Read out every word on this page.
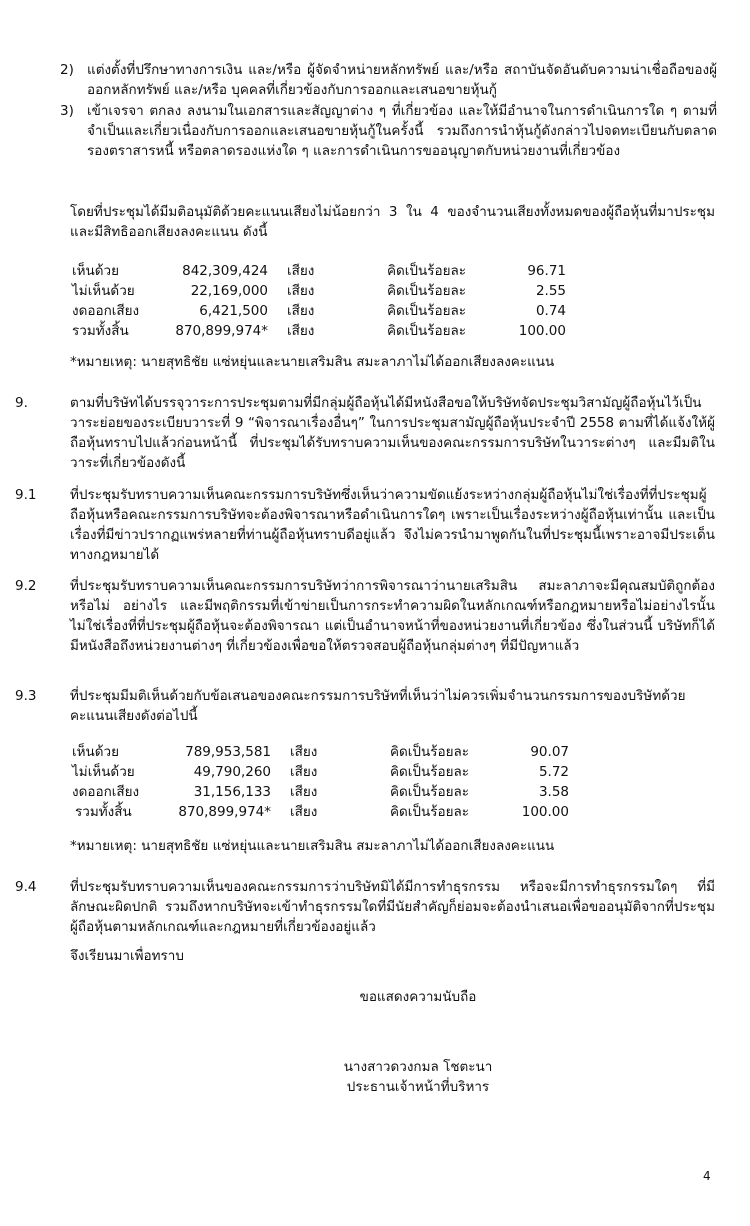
2) แต่งตั้งที่ปรึกษาทางการเงิน และ/หรือ ผู้จัดจำหน่ายหลักทรัพย์ และ/หรือ สถาบันจัดอันดับความน่าเชื่อถือของผู้ออกหลักทรัพย์ และ/หรือ บุคคลที่เกี่ยวข้องกับการออกและเสนอขายหุ้นกู้
3) เข้าเจรจา ตกลง ลงนามในเอกสารและสัญญาต่าง ๆ ที่เกี่ยวข้อง และให้มีอำนาจในการดำเนินการใด ๆ ตามที่จำเป็นและเกี่ยวเนื่องกับการออกและเสนอขายหุ้นกู้ในครั้งนี้ รวมถึงการนำหุ้นกู้ดังกล่าวไปจดทะเบียนกับตลาดรองตราสารหนี้ หรือตลาดรองแห่งใด ๆ และการดำเนินการขออนุญาตกับหน่วยงานที่เกี่ยวข้อง
โดยที่ประชุมได้มีมติอนุมัติด้วยคะแนนเสียงไม่น้อยกว่า 3 ใน 4 ของจำนวนเสียงทั้งหมดของผู้ถือหุ้นที่มาประชุม และมีสิทธิออกเสียงลงคะแนน ดังนี้
เห็นด้วย	842,309,424	เสียง	คิดเป็นร้อยละ	96.71
ไม่เห็นด้วย	22,169,000	เสียง	คิดเป็นร้อยละ	2.55
งดออกเสียง	6,421,500	เสียง	คิดเป็นร้อยละ	0.74
รวมทั้งสิ้น	870,899,974*	เสียง	คิดเป็นร้อยละ	100.00
*หมายเหตุ: นายสุทธิชัย แซ่หยุ่นและนายเสริมสิน สมะลาภาไม่ได้ออกเสียงลงคะแนน
9.	ตามที่บริษัทได้บรรจุวาระการประชุมตามที่มีกลุ่มผู้ถือหุ้นได้มีหนังสือขอให้บริษัทจัดประชุมวิสามัญผู้ถือหุ้นไว้เป็นวาระย่อยของระเบียบวาระที่ 9 “พิจารณาเรื่องอื่นๆ” ในการประชุมสามัญผู้ถือหุ้นประจำปี 2558 ตามที่ได้แจ้งให้ผู้ถือหุ้นทราบไปแล้วก่อนหน้านี้ ที่ประชุมได้รับทราบความเห็นของคณะกรรมการบริษัทในวาระต่างๆ และมีมติในวาระที่เกี่ยวข้องดังนี้
9.1 ที่ประชุมรับทราบความเห็นคณะกรรมการบริษัทซึ่งเห็นว่าความขัดแย้งระหว่างกลุ่มผู้ถือหุ้นไม่ใช่เรื่องที่ที่ประชุมผู้ถือหุ้นหรือคณะกรรมการบริษัทจะต้องพิจารณาหรือดำเนินการใดๆ เพราะเป็นเรื่องระหว่างผู้ถือหุ้นเท่านั้น และเป็นเรื่องที่มีข่าวปรากฏแพร่หลายที่ท่านผู้ถือหุ้นทราบดีอยู่แล้ว จึงไม่ควรนำมาพูดกันในที่ประชุมนี้เพราะอาจมีประเด็นทางกฎหมายได้
9.2 ที่ประชุมรับทราบความเห็นคณะกรรมการบริษัทว่าการพิจารณาว่านายเสริมสิน สมะลาภาจะมีคุณสมบัติถูกต้องหรือไม่ อย่างไร และมีพฤติกรรมที่เข้าข่ายเป็นการกระทำความผิดในหลักเกณฑ์หรือกฎหมายหรือไม่อย่างไรนั้น ไม่ใช่เรื่องที่ที่ประชุมผู้ถือหุ้นจะต้องพิจารณา แต่เป็นอำนาจหน้าที่ของหน่วยงานที่เกี่ยวข้อง ซึ่งในส่วนนี้ บริษัทก็ได้มีหนังสือถึงหน่วยงานต่างๆ ที่เกี่ยวข้องเพื่อขอให้ตรวจสอบผู้ถือหุ้นกลุ่มต่างๆ ที่มีปัญหาแล้ว
9.3 ที่ประชุมมีมติเห็นด้วยกับข้อเสนอของคณะกรรมการบริษัทที่เห็นว่าไม่ควรเพิ่มจำนวนกรรมการของบริษัทด้วยคะแนนเสียงดังต่อไปนี้
เห็นด้วย	789,953,581	เสียง	คิดเป็นร้อยละ	90.07
ไม่เห็นด้วย	49,790,260	เสียง	คิดเป็นร้อยละ	5.72
งดออกเสียง	31,156,133	เสียง	คิดเป็นร้อยละ	3.58
รวมทั้งสิ้น	870,899,974*	เสียง	คิดเป็นร้อยละ	100.00
*หมายเหตุ: นายสุทธิชัย แซ่หยุ่นและนายเสริมสิน สมะลาภาไม่ได้ออกเสียงลงคะแนน
9.4 ที่ประชุมรับทราบความเห็นของคณะกรรมการว่าบริษัทมิได้มีการทำธุรกรรม หรือจะมีการทำธุรกรรมใดๆ ที่มีลักษณะผิดปกติ รวมถึงหากบริษัทจะเข้าทำธุรกรรมใดที่มีนัยสำคัญก็ย่อมจะต้องนำเสนอเพื่อขออนุมัติจากที่ประชุมผู้ถือหุ้นตามหลักเกณฑ์และกฎหมายที่เกี่ยวข้องอยู่แล้ว
จึงเรียนมาเพื่อทราบ
ขอแสดงความนับถือ
นางสาวดวงกมล โชตะนา
ประธานเจ้าหน้าที่บริหาร
4
